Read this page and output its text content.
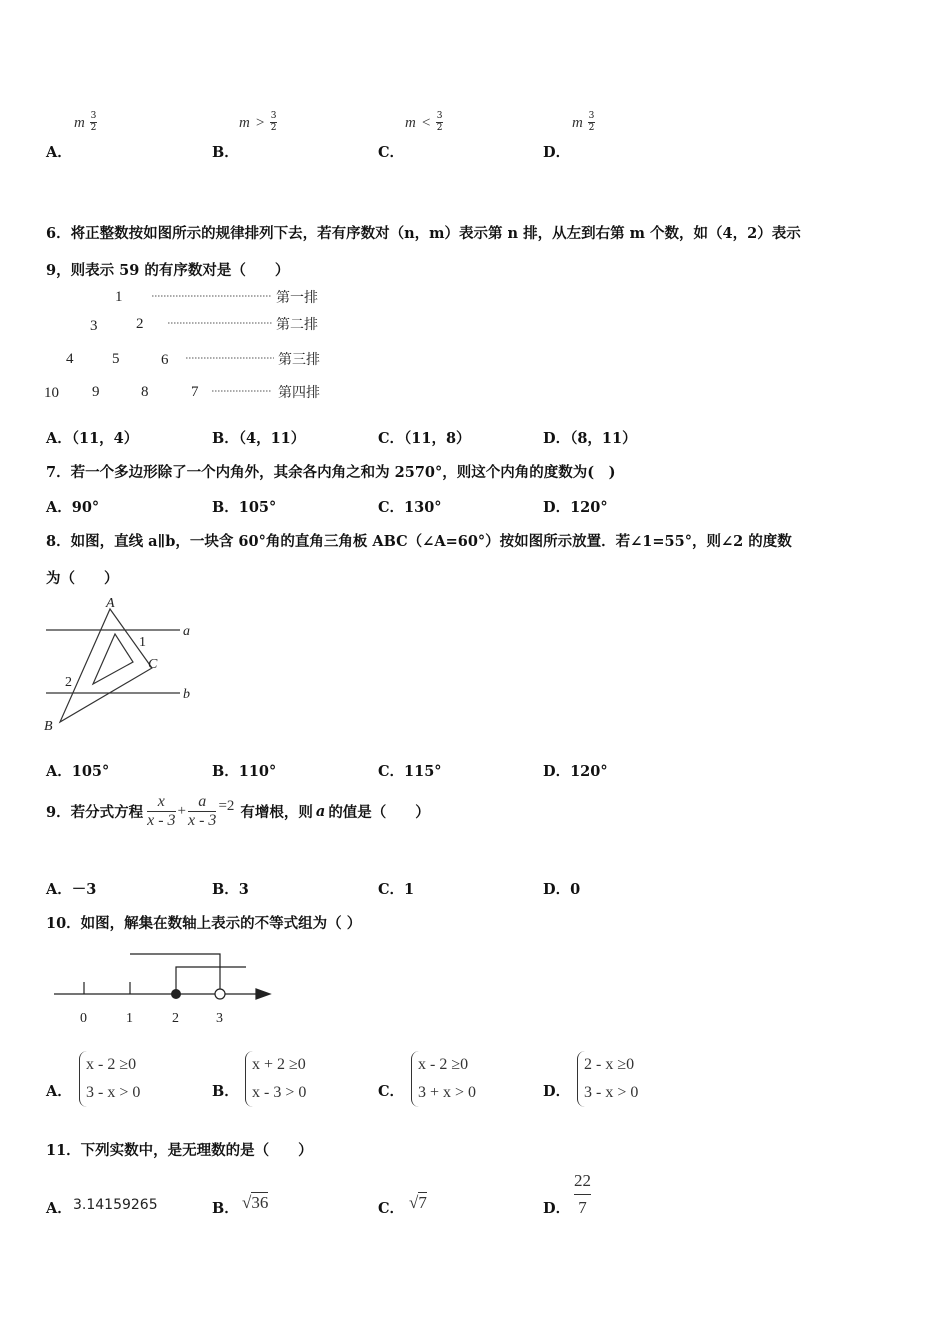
m $\frac{3}{2}$	$m > \frac{3}{2}$	$m < \frac{3}{2}$	m $\frac{3}{2}$
A．	B．	C．	D．
6．将正整数按如图所示的规律排列下去，若有序数对（n，m）表示第 n 排，从左到右第 m 个数，如（4，2）表示
9，则表示 59 的有序数对是（　　）
1
3	2
4	5	6
10 9	8	7
第一排
第二排
第三排
第四排
A．（11，4）	B．（4，11）	C．（11，8）	D．（8，11）
7．若一个多边形除了一个内角外，其余各内角之和为 2570°，则这个内角的度数为(　)
A．90°	B．105°	C．130°	D．120°
8．如图，直线 a∥b，一块含 60°角的直角三角板 ABC（∠A=60°）按如图所示放置．若∠1=55°，则∠2 的度数
为（　　）
A
B
C
a
b
1
2
A．105°	B．110°	C．115°	D．120°
9．若分式方程
x
x - 3
+
a
x - 3
=2 有增根，则 a 的值是（　　）
A．－3	B．3	C．1	D．0
10．如图，解集在数轴上表示的不等式组为（ ）
0	1	2	3
A．
x - 2 ≥0
3 - x > 0	B．
x + 2 ≥0
x - 3 > 0	C．
x - 2 ≥0
3 + x > 0	D．
2 - x ≥0
3 - x > 0
11．下列实数中，是无理数的是（　　）
A． 3.14159265	B． √36	C． √7	D．
22
7
